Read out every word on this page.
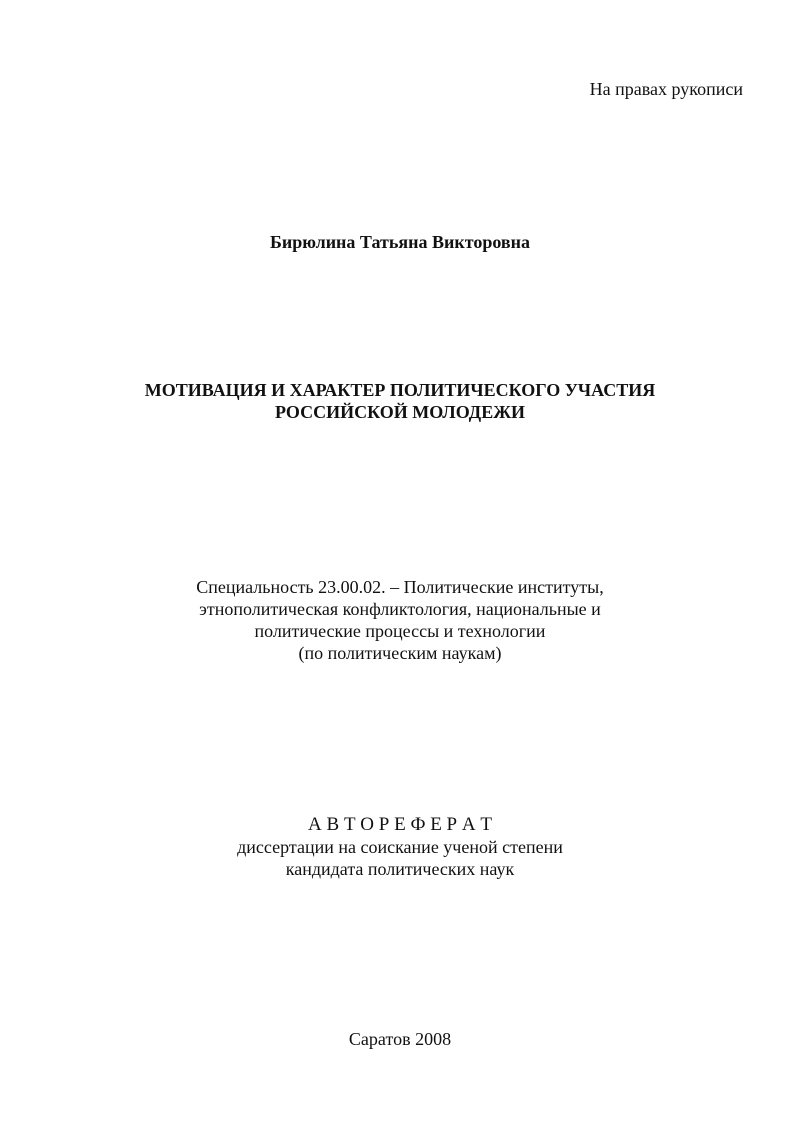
На правах рукописи
Бирюлина Татьяна Викторовна
МОТИВАЦИЯ И ХАРАКТЕР ПОЛИТИЧЕСКОГО УЧАСТИЯ
РОССИЙСКОЙ МОЛОДЕЖИ
Специальность 23.00.02. – Политические институты,
этнополитическая конфликтология, национальные и
политические процессы и технологии
(по политическим наукам)
А В Т О Р Е Ф Е Р А Т
диссертации на соискание ученой степени
кандидата политических наук
Саратов 2008
